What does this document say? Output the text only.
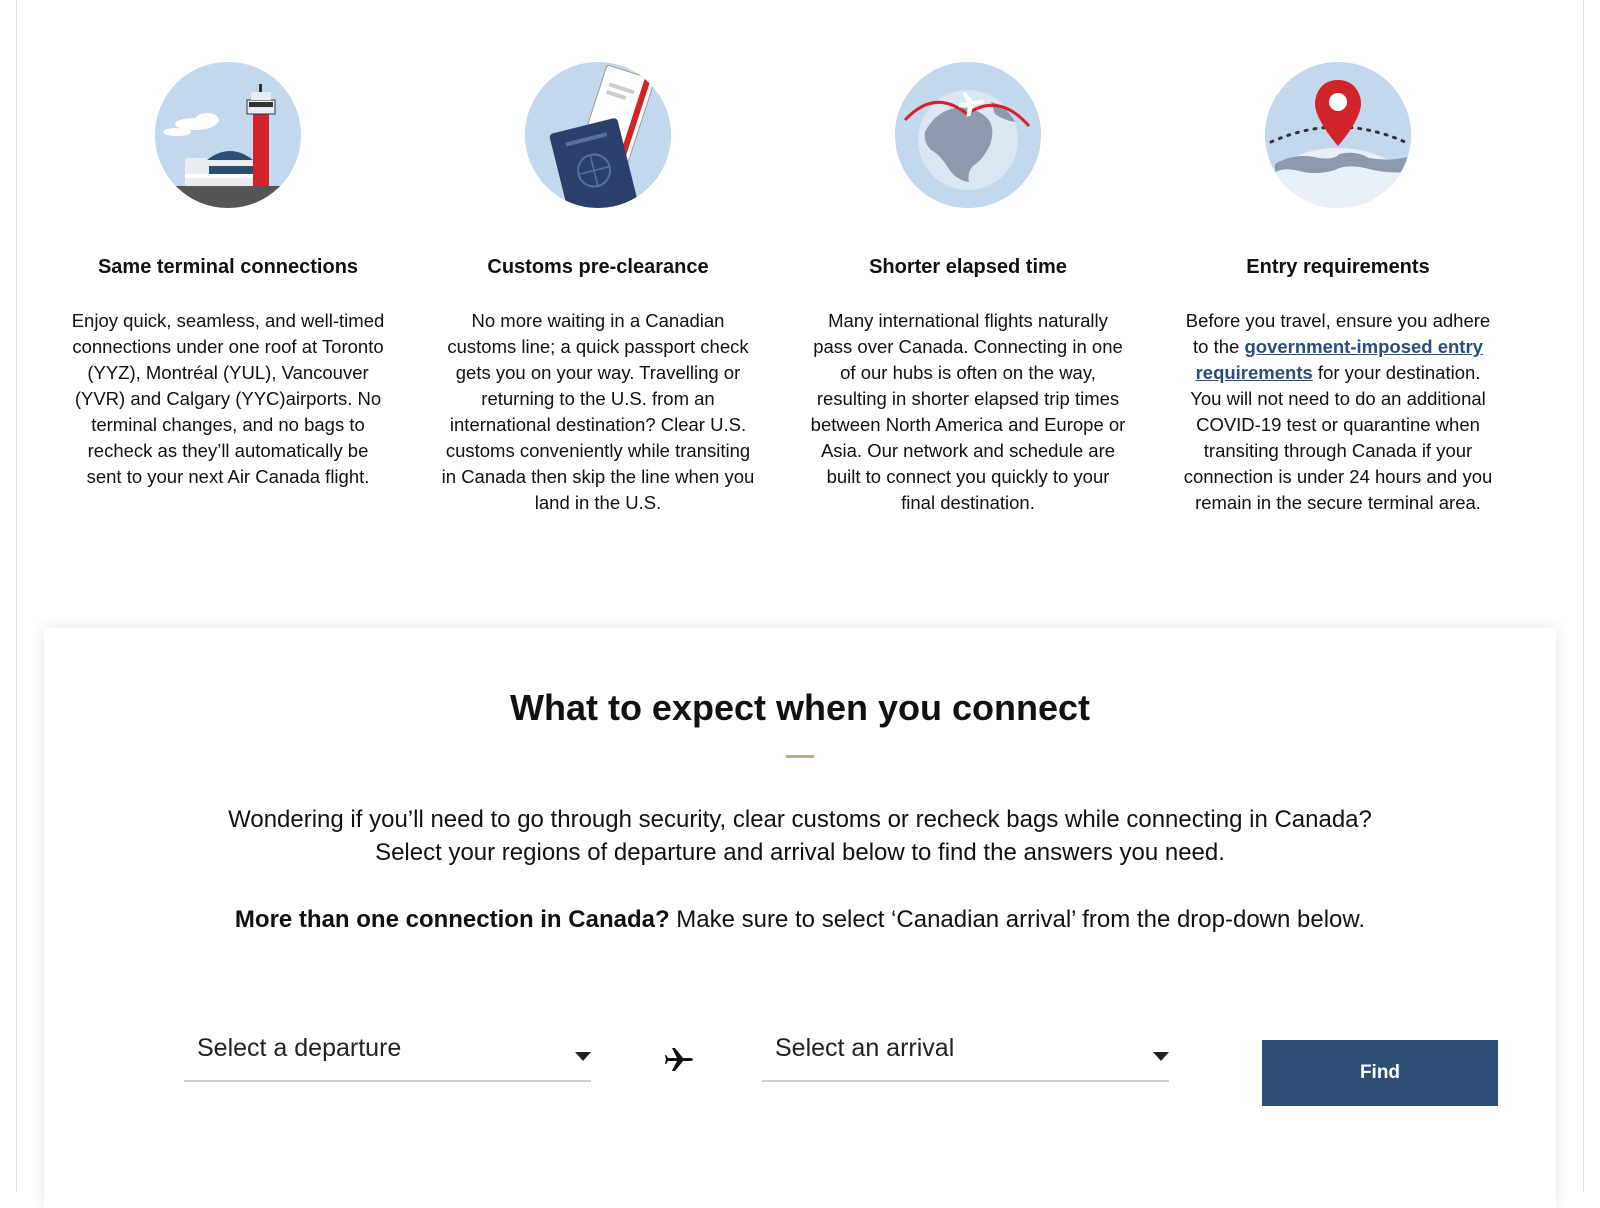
Same terminal connections

Enjoy quick, seamless, and well-timed connections under one roof at Toronto (YYZ), Montréal (YUL), Vancouver (YVR) and Calgary (YYC)airports. No terminal changes, and no bags to recheck as they’ll automatically be sent to your next Air Canada flight.

Customs pre-clearance

No more waiting in a Canadian customs line; a quick passport check gets you on your way. Travelling or returning to the U.S. from an international destination? Clear U.S. customs conveniently while transiting in Canada then skip the line when you land in the U.S.

Shorter elapsed time

Many international flights naturally pass over Canada. Connecting in one of our hubs is often on the way, resulting in shorter elapsed trip times between North America and Europe or Asia. Our network and schedule are built to connect you quickly to your final destination.

Entry requirements

Before you travel, ensure you adhere to the government-imposed entry requirements for your destination. You will not need to do an additional COVID-19 test or quarantine when transiting through Canada if your connection is under 24 hours and you remain in the secure terminal area.

What to expect when you connect

Wondering if you’ll need to go through security, clear customs or recheck bags while connecting in Canada?
Select your regions of departure and arrival below to find the answers you need.

More than one connection in Canada? Make sure to select ‘Canadian arrival’ from the drop-down below.

Select a departure	Select an arrival
Find
